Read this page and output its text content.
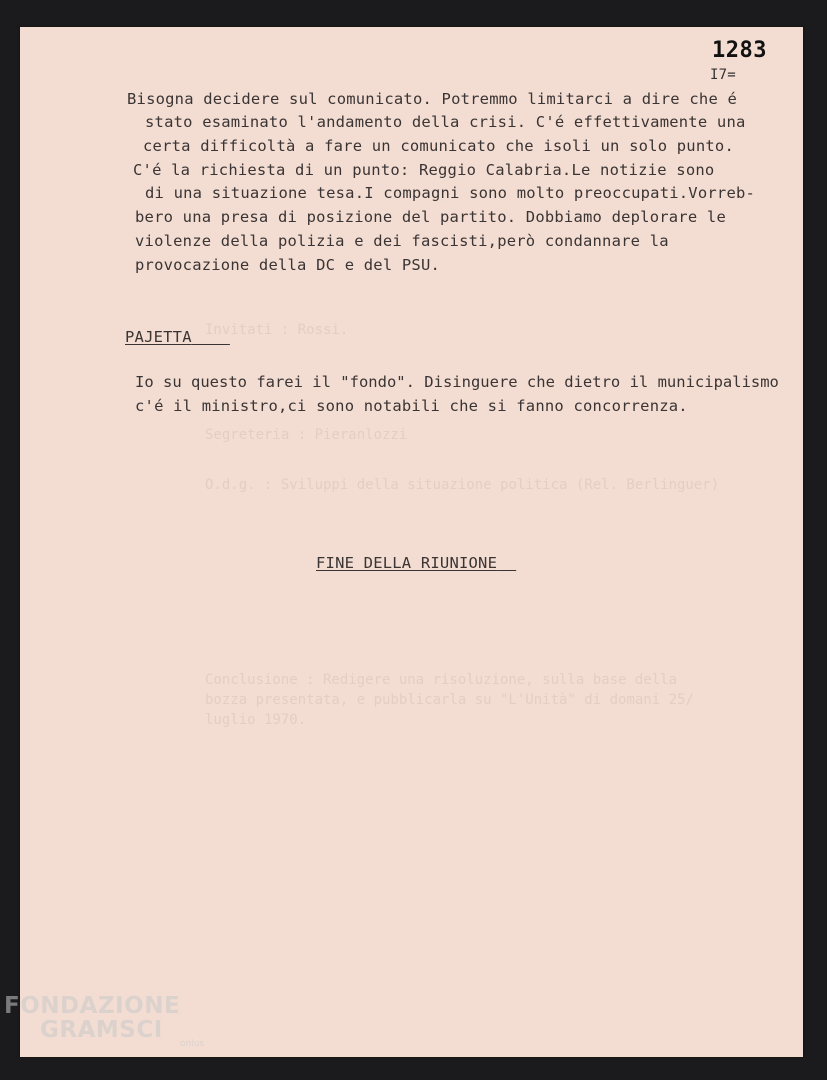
Invitati : Rossi.
Segreteria : Pieranlozzi
O.d.g. : Sviluppi della situazione politica (Rel. Berlinguer)
Conclusione : Redigere una risoluzione, sulla base della
bozza presentata, e pubblicarla su "L'Unità" di domani 25/
luglio 1970.
1283
I7=
Bisogna decidere sul comunicato. Potremmo limitarci a dire che é
stato esaminato l'andamento della crisi. C'é effettivamente una
certa difficoltà a fare un comunicato che isoli un solo punto.
C'é la richiesta di un punto: Reggio Calabria.Le notizie sono
di una situazione tesa.I compagni sono molto preoccupati.Vorreb-
bero una presa di posizione del partito. Dobbiamo deplorare le
violenze della polizia e dei fascisti,però condannare la
provocazione della DC e del PSU.
PAJETTA
Io su questo farei il "fondo". Disinguere che dietro il municipalismo
c'é il ministro,ci sono notabili che si fanno concorrenza.
FINE DELLA RIUNIONE
FONDAZIONE
GRAMSCI
onlus
